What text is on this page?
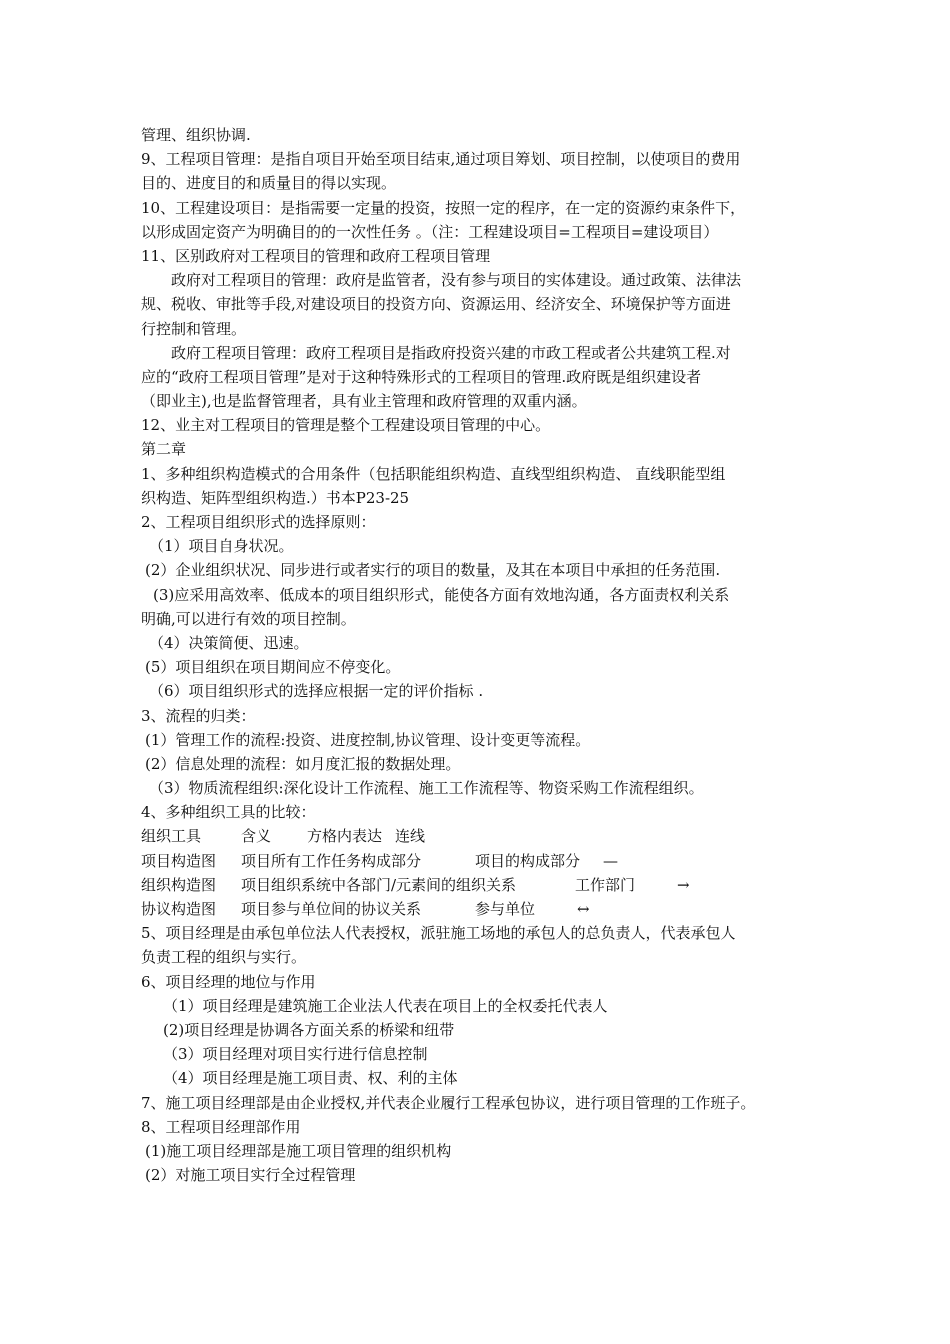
管理、组织协调.
9、工程项目管理：是指自项目开始至项目结束,通过项目筹划、项目控制，以使项目的费用
目的、进度目的和质量目的得以实现。
10、工程建设项目：是指需要一定量的投资，按照一定的程序，在一定的资源约束条件下，
以形成固定资产为明确目的的一次性任务 。（注：工程建设项目=工程项目=建设项目）
11、区别政府对工程项目的管理和政府工程项目管理
政府对工程项目的管理：政府是监管者，没有参与项目的实体建设。通过政策、法律法
规、税收、审批等手段,对建设项目的投资方向、资源运用、经济安全、环境保护等方面进
行控制和管理。
政府工程项目管理：政府工程项目是指政府投资兴建的市政工程或者公共建筑工程.对
应的“政府工程项目管理”是对于这种特殊形式的工程项目的管理.政府既是组织建设者
（即业主),也是监督管理者，具有业主管理和政府管理的双重内涵。
12、业主对工程项目的管理是整个工程建设项目管理的中心。
第二章
1、多种组织构造模式的合用条件（包括职能组织构造、直线型组织构造、 直线职能型组
织构造、矩阵型组织构造.）书本P23-25
2、工程项目组织形式的选择原则：
（1）项目自身状况。
(2）企业组织状况、同步进行或者实行的项目的数量，及其在本项目中承担的任务范围.
(3)应采用高效率、低成本的项目组织形式，能使各方面有效地沟通，各方面责权利关系
明确,可以进行有效的项目控制。
（4）决策简便、迅速。
(5）项目组织在项目期间应不停变化。
（6）项目组织形式的选择应根据一定的评价指标 .
3、流程的归类：
(1）管理工作的流程:投资、进度控制,协议管理、设计变更等流程。
(2）信息处理的流程：如月度汇报的数据处理。
（3）物质流程组织:深化设计工作流程、施工工作流程等、物资采购工作流程组织。
4、多种组织工具的比较：
组织工具	含义	方格内表达 连线
项目构造图	项目所有工作任务构成部分	项目的构成部分	—
组织构造图	项目组织系统中各部门/元素间的组织关系	工作部门	→
协议构造图	项目参与单位间的协议关系	参与单位	↔
5、项目经理是由承包单位法人代表授权，派驻施工场地的承包人的总负责人，代表承包人
负责工程的组织与实行。
6、项目经理的地位与作用
（1）项目经理是建筑施工企业法人代表在项目上的全权委托代表人
(2)项目经理是协调各方面关系的桥梁和纽带
（3）项目经理对项目实行进行信息控制
（4）项目经理是施工项目责、权、利的主体
7、施工项目经理部是由企业授权,并代表企业履行工程承包协议，进行项目管理的工作班子。
8、工程项目经理部作用
(1)施工项目经理部是施工项目管理的组织机构
(2）对施工项目实行全过程管理
